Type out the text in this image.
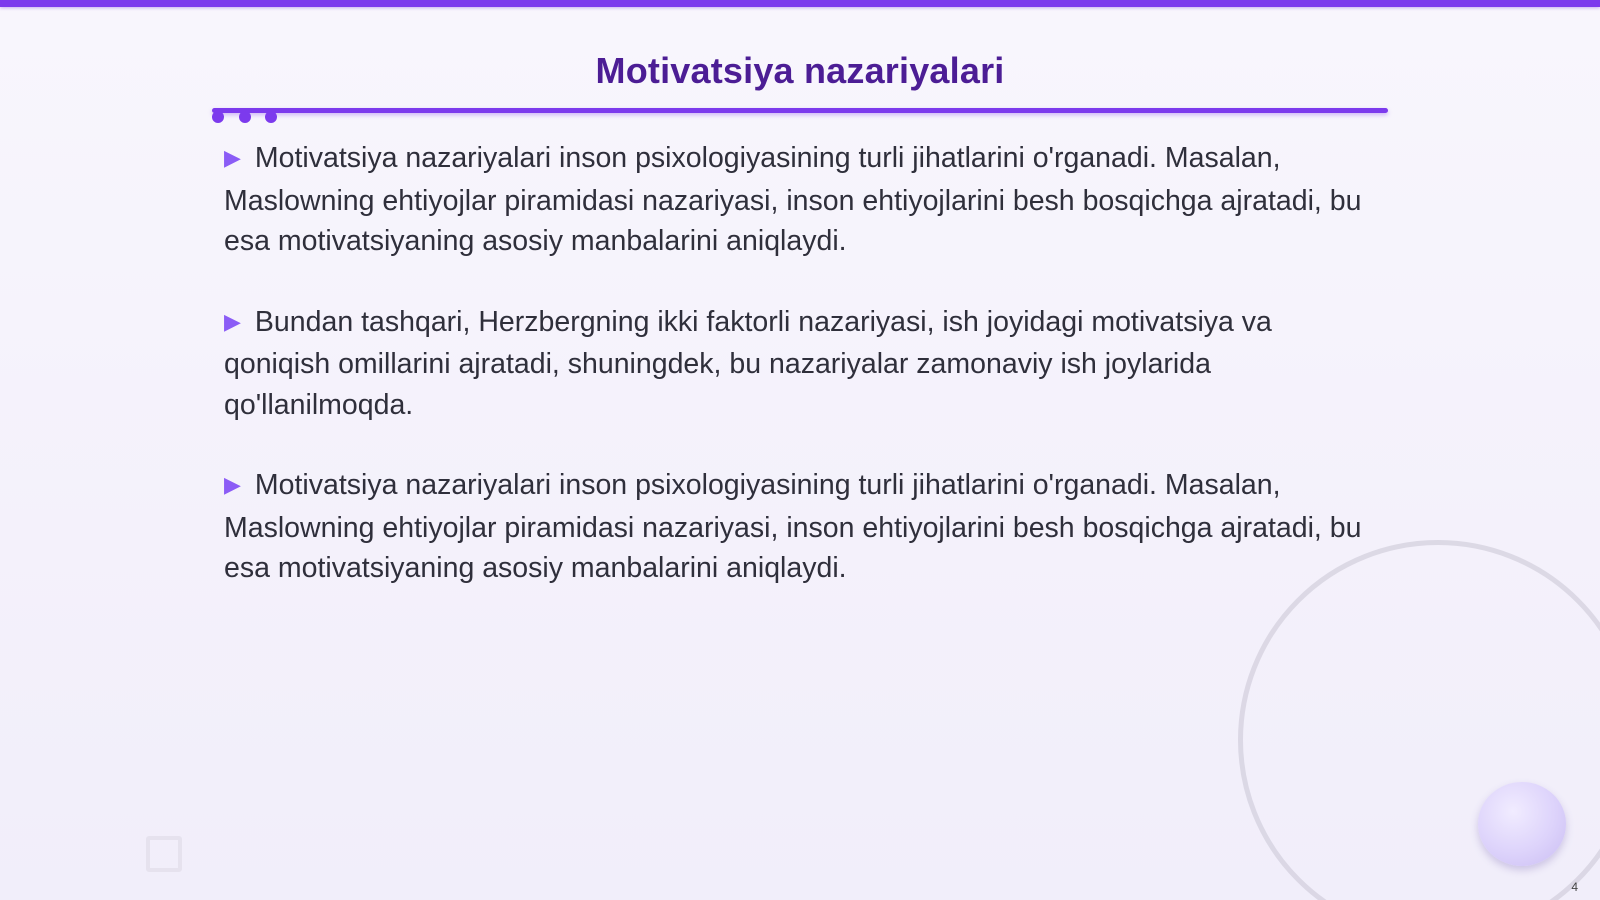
Motivatsiya nazariyalari

▶ Motivatsiya nazariyalari inson psixologiyasining turli jihatlarini o'rganadi. Masalan, Maslowning ehtiyojlar piramidasi nazariyasi, inson ehtiyojlarini besh bosqichga ajratadi, bu esa motivatsiyaning asosiy manbalarini aniqlaydi.

▶ Bundan tashqari, Herzbergning ikki faktorli nazariyasi, ish joyidagi motivatsiya va qoniqish omillarini ajratadi, shuningdek, bu nazariyalar zamonaviy ish joylarida qo'llanilmoqda.

▶ Motivatsiya nazariyalari inson psixologiyasining turli jihatlarini o'rganadi. Masalan, Maslowning ehtiyojlar piramidasi nazariyasi, inson ehtiyojlarini besh bosqichga ajratadi, bu esa motivatsiyaning asosiy manbalarini aniqlaydi.

4
